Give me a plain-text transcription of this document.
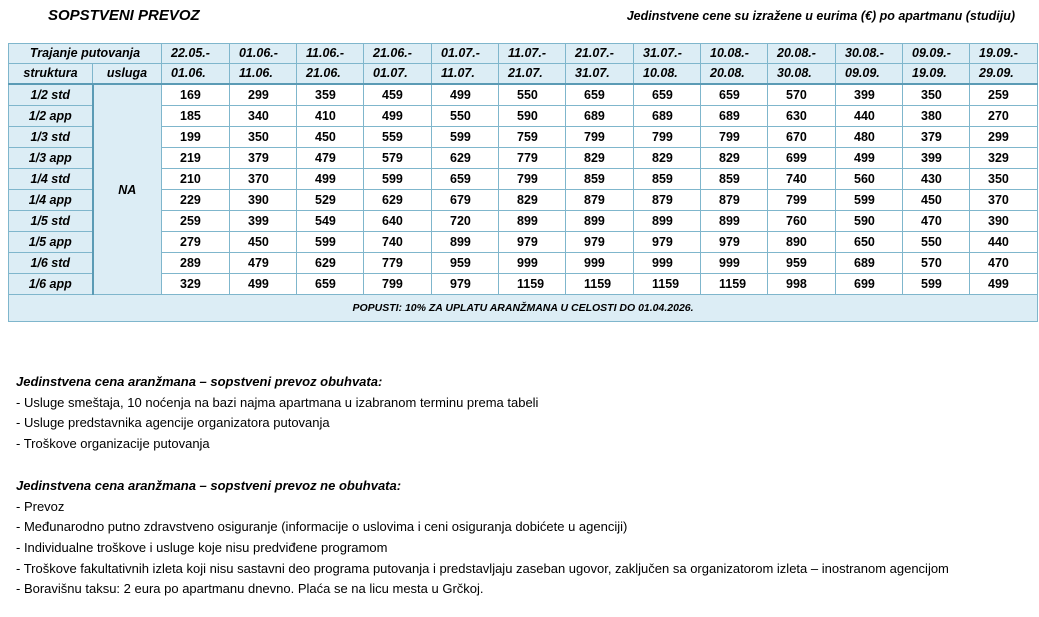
SOPSTVENI PREVOZ	Jedinstvene cene su izražene u eurima (€) po apartmanu (studiju)
Trajanje putovanja		22.05.-	01.06.-	11.06.-	21.06.-	01.07.-	11.07.-	21.07.-	31.07.-	10.08.-	20.08.-	30.08.-	09.09.-	19.09.-
struktura	usluga	01.06.	11.06.	21.06.	01.07.	11.07.	21.07.	31.07.	10.08.	20.08.	30.08.	09.09.	19.09.	29.09.
1/2 std	NA	169	299	359	459	499	550	659	659	659	570	399	350	259
1/2 app		185	340	410	499	550	590	689	689	689	630	440	380	270
1/3 std		199	350	450	559	599	759	799	799	799	670	480	379	299
1/3 app		219	379	479	579	629	779	829	829	829	699	499	399	329
1/4 std		210	370	499	599	659	799	859	859	859	740	560	430	350
1/4 app		229	390	529	629	679	829	879	879	879	799	599	450	370
1/5 std		259	399	549	640	720	899	899	899	899	760	590	470	390
1/5 app		279	450	599	740	899	979	979	979	979	890	650	550	440
1/6 std		289	479	629	779	959	999	999	999	999	959	689	570	470
1/6 app		329	499	659	799	979	1159	1159	1159	1159	998	699	599	499
POPUSTI: 10% ZA UPLATU ARANŽMANA U CELOSTI DO 01.04.2026.														
Jedinstvena cena aranžmana – sopstveni prevoz obuhvata:
- Usluge smeštaja, 10 noćenja na bazi najma apartmana u izabranom terminu prema tabeli
- Usluge predstavnika agencije organizatora putovanja
- Troškove organizacije putovanja
Jedinstvena cena aranžmana – sopstveni prevoz ne obuhvata:
- Prevoz
- Međunarodno putno zdravstveno osiguranje (informacije o uslovima i ceni osiguranja dobićete u agenciji)
- Individualne troškove i usluge koje nisu predviđene programom
- Troškove fakultativnih izleta koji nisu sastavni deo programa putovanja i predstavljaju zaseban ugovor, zaključen sa organizatorom izleta – inostranom agencijom
- Boravišnu taksu: 2 eura po apartmanu dnevno. Plaća se na licu mesta u Grčkoj.
